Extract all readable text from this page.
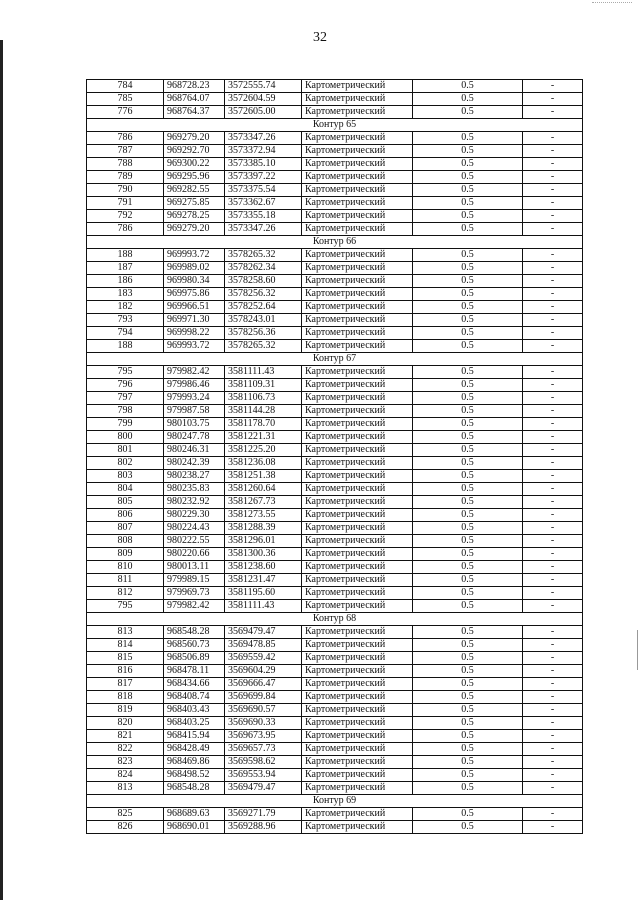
32
784	968728.23	3572555.74	Картометрический	0.5	-
785	968764.07	3572604.59	Картометрический	0.5	-
776	968764.37	3572605.00	Картометрический	0.5	-
Контур 65					
786	969279.20	3573347.26	Картометрический	0.5	-
787	969292.70	3573372.94	Картометрический	0.5	-
788	969300.22	3573385.10	Картометрический	0.5	-
789	969295.96	3573397.22	Картометрический	0.5	-
790	969282.55	3573375.54	Картометрический	0.5	-
791	969275.85	3573362.67	Картометрический	0.5	-
792	969278.25	3573355.18	Картометрический	0.5	-
786	969279.20	3573347.26	Картометрический	0.5	-
Контур 66					
188	969993.72	3578265.32	Картометрический	0.5	-
187	969989.02	3578262.34	Картометрический	0.5	-
186	969980.34	3578258.60	Картометрический	0.5	-
183	969975.86	3578256.32	Картометрический	0.5	-
182	969966.51	3578252.64	Картометрический	0.5	-
793	969971.30	3578243.01	Картометрический	0.5	-
794	969998.22	3578256.36	Картометрический	0.5	-
188	969993.72	3578265.32	Картометрический	0.5	-
Контур 67					
795	979982.42	3581111.43	Картометрический	0.5	-
796	979986.46	3581109.31	Картометрический	0.5	-
797	979993.24	3581106.73	Картометрический	0.5	-
798	979987.58	3581144.28	Картометрический	0.5	-
799	980103.75	3581178.70	Картометрический	0.5	-
800	980247.78	3581221.31	Картометрический	0.5	-
801	980246.31	3581225.20	Картометрический	0.5	-
802	980242.39	3581236.08	Картометрический	0.5	-
803	980238.27	3581251.38	Картометрический	0.5	-
804	980235.83	3581260.64	Картометрический	0.5	-
805	980232.92	3581267.73	Картометрический	0.5	-
806	980229.30	3581273.55	Картометрический	0.5	-
807	980224.43	3581288.39	Картометрический	0.5	-
808	980222.55	3581296.01	Картометрический	0.5	-
809	980220.66	3581300.36	Картометрический	0.5	-
810	980013.11	3581238.60	Картометрический	0.5	-
811	979989.15	3581231.47	Картометрический	0.5	-
812	979969.73	3581195.60	Картометрический	0.5	-
795	979982.42	3581111.43	Картометрический	0.5	-
Контур 68					
813	968548.28	3569479.47	Картометрический	0.5	-
814	968560.73	3569478.85	Картометрический	0.5	-
815	968506.89	3569559.42	Картометрический	0.5	-
816	968478.11	3569604.29	Картометрический	0.5	-
817	968434.66	3569666.47	Картометрический	0.5	-
818	968408.74	3569699.84	Картометрический	0.5	-
819	968403.43	3569690.57	Картометрический	0.5	-
820	968403.25	3569690.33	Картометрический	0.5	-
821	968415.94	3569673.95	Картометрический	0.5	-
822	968428.49	3569657.73	Картометрический	0.5	-
823	968469.86	3569598.62	Картометрический	0.5	-
824	968498.52	3569553.94	Картометрический	0.5	-
813	968548.28	3569479.47	Картометрический	0.5	-
Контур 69					
825	968689.63	3569271.79	Картометрический	0.5	-
826	968690.01	3569288.96	Картометрический	0.5	-
